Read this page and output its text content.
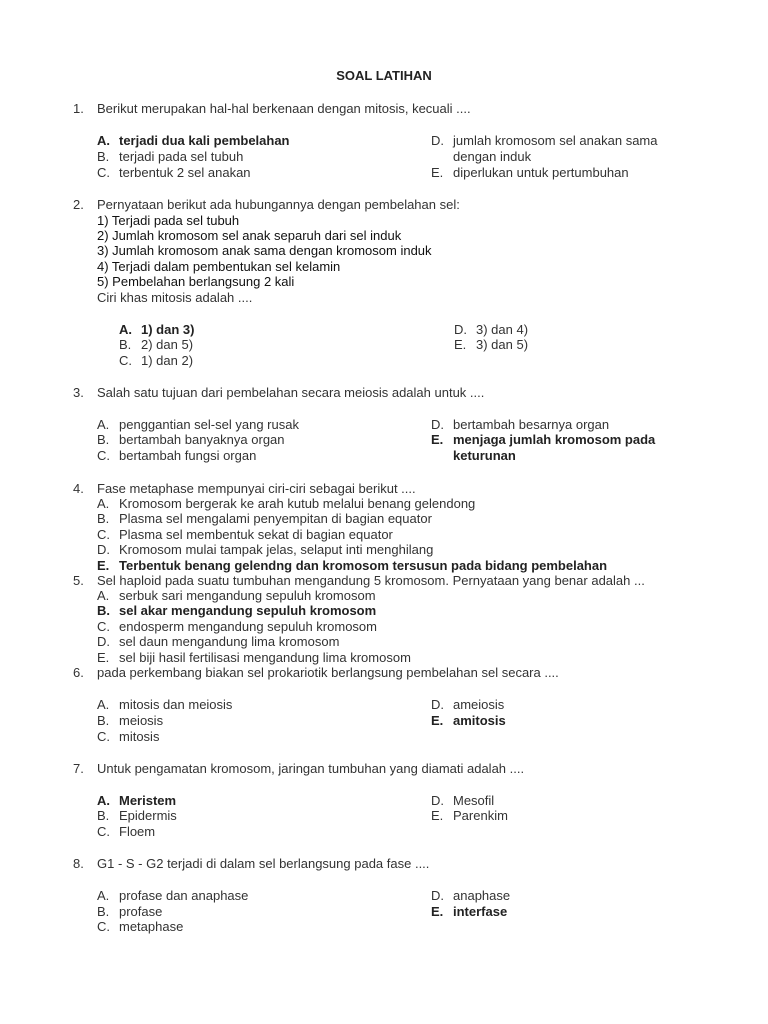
SOAL LATIHAN
1. Berikut merupakan hal-hal berkenaan dengan mitosis, kecuali ....
A. terjadi dua kali pembelahan
B. terjadi pada sel tubuh
C. terbentuk 2 sel anakan
D. jumlah kromosom sel anakan sama
dengan induk
E. diperlukan untuk pertumbuhan
2. Pernyataan berikut ada hubungannya dengan pembelahan sel:
1) Terjadi pada sel tubuh
2) Jumlah kromosom sel anak separuh dari sel induk
3) Jumlah kromosom anak sama dengan kromosom induk
4) Terjadi dalam pembentukan sel kelamin
5) Pembelahan berlangsung 2 kali
Ciri khas mitosis adalah ....
A. 1) dan 3)
B. 2) dan 5)
C. 1) dan 2)
D. 3) dan 4)
E. 3) dan 5)
3. Salah satu tujuan dari pembelahan secara meiosis adalah untuk ....
A. penggantian sel-sel yang rusak
B. bertambah banyaknya organ
C. bertambah fungsi organ
D. bertambah besarnya organ
E. menjaga jumlah kromosom pada
keturunan
4. Fase metaphase mempunyai ciri-ciri sebagai berikut ....
A. Kromosom bergerak ke arah kutub melalui benang gelendong
B. Plasma sel mengalami penyempitan di bagian equator
C. Plasma sel membentuk sekat di bagian equator
D. Kromosom mulai tampak jelas, selaput inti menghilang
E. Terbentuk benang gelendng dan kromosom tersusun pada bidang pembelahan
5. Sel haploid pada suatu tumbuhan mengandung 5 kromosom. Pernyataan yang benar adalah ...
A. serbuk sari mengandung sepuluh kromosom
B. sel akar mengandung sepuluh kromosom
C. endosperm mengandung sepuluh kromosom
D. sel daun mengandung lima kromosom
E. sel biji hasil fertilisasi mengandung lima kromosom
6. pada perkembang biakan sel prokariotik berlangsung pembelahan sel secara ....
A. mitosis dan meiosis
B. meiosis
C. mitosis
D. ameiosis
E. amitosis
7. Untuk pengamatan kromosom, jaringan tumbuhan yang diamati adalah ....
A. Meristem
B. Epidermis
C. Floem
D. Mesofil
E. Parenkim
8. G1 - S - G2 terjadi di dalam sel berlangsung pada fase ....
A. profase dan anaphase
B. profase
C. metaphase
D. anaphase
E. interfase
